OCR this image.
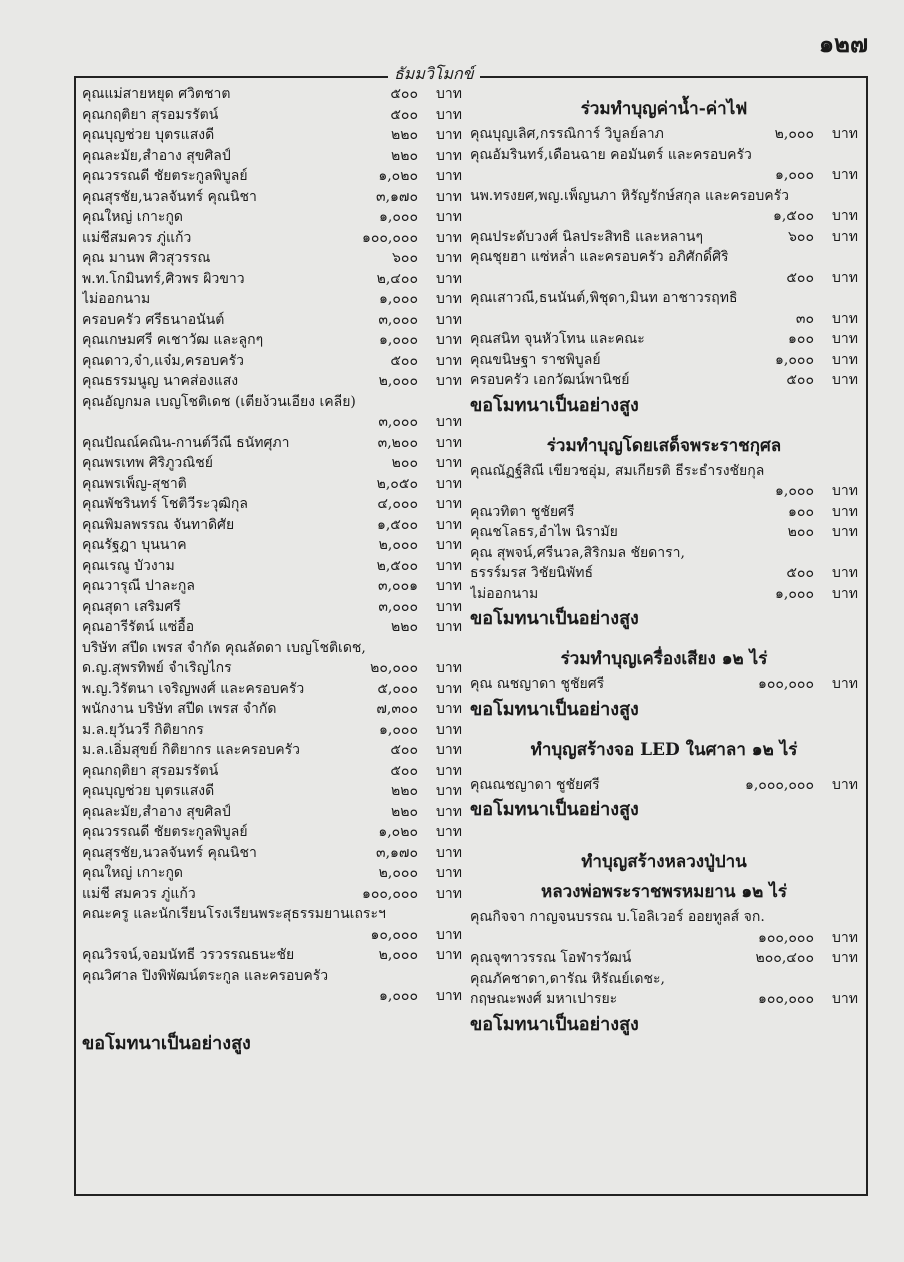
๑๒๗
ธัมมวิโมกข์
คุณแม่สายหยุด ศวิตชาต	๕๐๐	บาท
คุณกฤติยา สุรอมรรัตน์	๕๐๐	บาท
คุณบุญช่วย บุตรแสงดี	๒๒๐	บาท
คุณละมัย,สำอาง สุขศิลป์	๒๒๐	บาท
คุณวรรณดี ชัยตระกูลพิบูลย์	๑,๐๒๐	บาท
คุณสุรชัย,นวลจันทร์ คุณนิชา	๓,๑๗๐	บาท
คุณใหญ่ เกาะกูด	๑,๐๐๐	บาท
แม่ชีสมควร ภู่แก้ว	๑๐๐,๐๐๐	บาท
คุณ มานพ ศิวสุวรรณ	๖๐๐	บาท
พ.ท.โกมินทร์,ศิวพร ผิวขาว	๒,๔๐๐	บาท
ไม่ออกนาม	๑,๐๐๐	บาท
ครอบครัว ศรีธนาอนันต์	๓,๐๐๐	บาท
คุณเกษมศรี คเชาวัฒ และลูกๆ	๑,๐๐๐	บาท
คุณดาว,จ๋า,แจ๋ม,ครอบครัว	๕๐๐	บาท
คุณธรรมนูญ นาคส่องแสง	๒,๐๐๐	บาท
คุณอัญกมล เบญโชติเดช (เตียง้วนเอียง เคลีย)
๓,๐๐๐	บาท
คุณปัณณ์คณิน-กานต์วีณี ธนัทศุภา	๓,๒๐๐	บาท
คุณพรเทพ ศิริภูวณิชย์	๒๐๐	บาท
คุณพรเพ็ญ-สุชาติ	๒,๐๕๐	บาท
คุณพัชรินทร์ โชติวีระวุฒิกุล	๔,๐๐๐	บาท
คุณพิมลพรรณ จันทาดิศัย	๑,๕๐๐	บาท
คุณรัฐฎา บุนนาค	๒,๐๐๐	บาท
คุณเรณู บัวงาม	๒,๕๐๐	บาท
คุณวารุณี ปาละกูล	๓,๐๐๑	บาท
คุณสุดา เสริมศรี	๓,๐๐๐	บาท
คุณอารีรัตน์ แซ่อื้อ	๒๒๐	บาท
บริษัท สปีด เพรส จำกัด คุณลัดดา เบญโชติเดช,
ด.ญ.สุพรทิพย์ จำเริญไกร	๒๐,๐๐๐	บาท
พ.ญ.วิรัตนา เจริญพงศ์ และครอบครัว	๕,๐๐๐	บาท
พนักงาน บริษัท สปีด เพรส จำกัด	๗,๓๐๐	บาท
ม.ล.ยุวันวรี กิติยากร	๑,๐๐๐	บาท
ม.ล.เอิ่มสุขย์ กิติยากร และครอบครัว	๕๐๐	บาท
คุณกฤติยา สุรอมรรัตน์	๕๐๐	บาท
คุณบุญช่วย บุตรแสงดี	๒๒๐	บาท
คุณละมัย,สำอาง สุขศิลป์	๒๒๐	บาท
คุณวรรณดี ชัยตระกูลพิบูลย์	๑,๐๒๐	บาท
คุณสุรชัย,นวลจันทร์ คุณนิชา	๓,๑๗๐	บาท
คุณใหญ่ เกาะกูด	๒,๐๐๐	บาท
แม่ชี สมควร ภู่แก้ว	๑๐๐,๐๐๐	บาท
คณะครู และนักเรียนโรงเรียนพระสุธรรมยานเถระฯ
๑๐,๐๐๐	บาท
คุณวิรจน์,จอมนัทธี วรวรรณธนะชัย	๒,๐๐๐	บาท
คุณวิศาล ปิงพิพัฒน์ตระกูล และครอบครัว
๑,๐๐๐	บาท
ขอโมทนาเป็นอย่างสูง
ร่วมทำบุญค่าน้ำ-ค่าไฟ
คุณบุญเลิศ,กรรณิการ์ วิบูลย์ลาภ	๒,๐๐๐	บาท
คุณอัมรินทร์,เดือนฉาย คอมันตร์ และครอบครัว
๑,๐๐๐	บาท
นพ.ทรงยศ,พญ.เพ็ญนภา หิรัญรักษ์สกุล และครอบครัว
๑,๕๐๐	บาท
คุณประดับวงศ์ นิลประสิทธิ และหลานๆ	๖๐๐	บาท
คุณชุยฮา แซ่หล่ำ และครอบครัว อภิศักดิ์ศิริ
๕๐๐	บาท
คุณเสาวณี,ธนนันต์,พิชุดา,มินท อาชาวรฤทธิ
๓๐	บาท
คุณสนิท จุนหัวโทน และคณะ	๑๐๐	บาท
คุณขนิษฐา ราชพิบูลย์	๑,๐๐๐	บาท
ครอบครัว เอกวัฒน์พานิชย์	๕๐๐	บาท
ขอโมทนาเป็นอย่างสูง
ร่วมทำบุญโดยเสด็จพระราชกุศล
คุณณัฏฐ์สิณี เขียวชอุ่ม, สมเกียรติ ธีระธำรงชัยกุล
๑,๐๐๐	บาท
คุณวทิตา ชูชัยศรี	๑๐๐	บาท
คุณชโลธร,อำไพ นิรามัย	๒๐๐	บาท
คุณ สุพจน์,ศรีนวล,สิริกมล ชัยดารา,
ธรรร์มรส วิชัยนิพัทธ์	๕๐๐	บาท
ไม่ออกนาม	๑,๐๐๐	บาท
ขอโมทนาเป็นอย่างสูง
ร่วมทำบุญเครื่องเสียง ๑๒ ไร่
คุณ ณชญาดา ชูชัยศรี	๑๐๐,๐๐๐	บาท
ขอโมทนาเป็นอย่างสูง
ทำบุญสร้างจอ LED ในศาลา ๑๒ ไร่
คุณณชญาดา ชูชัยศรี	๑,๐๐๐,๐๐๐	บาท
ขอโมทนาเป็นอย่างสูง
ทำบุญสร้างหลวงปู่ปาน
หลวงพ่อพระราชพรหมยาน ๑๒ ไร่
คุณกิจจา กาญจนบรรณ บ.โอลิเวอร์ ออยทูลส์ จก.
๑๐๐,๐๐๐	บาท
คุณจุฑาวรรณ โอฬารวัฒน์	๒๐๐,๔๐๐	บาท
คุณภัคชาดา,ดารัณ หิรัณย์เดชะ,
กฤษณะพงศ์ มหาเปารยะ	๑๐๐,๐๐๐	บาท
ขอโมทนาเป็นอย่างสูง
